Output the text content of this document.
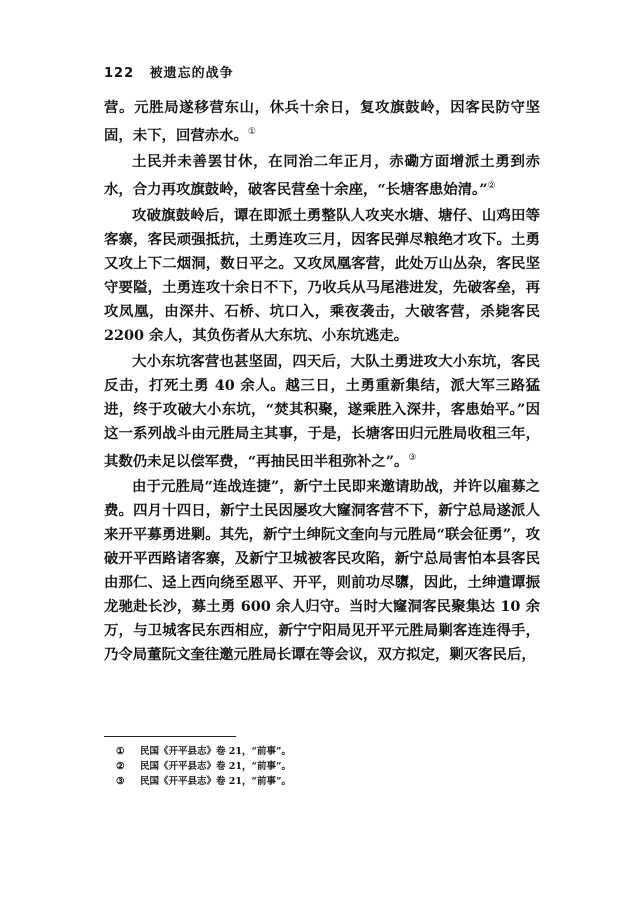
122 被遗忘的战争

营。元胜局遂移营东山，休兵十余日，复攻旗鼓岭，因客民防守坚固，未下，回营赤水。①

土民并未善罢甘休，在同治二年正月，赤磡方面增派土勇到赤水，合力再攻旗鼓岭，破客民营垒十余座，“长塘客患始清。”②

攻破旗鼓岭后，谭在即派土勇整队人攻夹水塘、塘仔、山鸡田等客寨，客民顽强抵抗，土勇连攻三月，因客民弹尽粮绝才攻下。土勇又攻上下二烟洞，数日平之。又攻凤凰客营，此处万山丛杂，客民坚守要隘，土勇连攻十余日不下，乃收兵从马尾港进发，先破客垒，再攻凤凰，由深井、石桥、坑口入，乘夜袭击，大破客营，杀毙客民 2200 余人，其负伤者从大东坑、小东坑逃走。

大小东坑客营也甚坚固，四天后，大队土勇进攻大小东坑，客民反击，打死土勇 40 余人。越三日，土勇重新集结，派大军三路猛进，终于攻破大小东坑，“焚其积聚，遂乘胜入深井，客患始平。”因这一系列战斗由元胜局主其事，于是，长塘客田归元胜局收租三年，其数仍未足以偿军费，“再抽民田半租弥补之”。③

由于元胜局“连战连捷”，新宁土民即来邀请助战，并许以雇募之费。四月十四日，新宁土民因屡攻大窿洞客营不下，新宁总局遂派人来开平募勇进剿。其先，新宁土绅阮文奎向与元胜局“联会征勇”，攻破开平西路诸客寨，及新宁卫城被客民攻陷，新宁总局害怕本县客民由那仁、迳上西向绕至恩平、开平，则前功尽隳，因此，土绅遣谭振龙驰赴长沙，募土勇 600 余人归守。当时大窿洞客民聚集达 10 余万，与卫城客民东西相应，新宁宁阳局见开平元胜局剿客连连得手，乃令局董阮文奎往邀元胜局长谭在等会议，双方拟定，剿灭客民后，

① 民国《开平县志》卷 21，“前事”。
② 民国《开平县志》卷 21，“前事”。
③ 民国《开平县志》卷 21，“前事”。
